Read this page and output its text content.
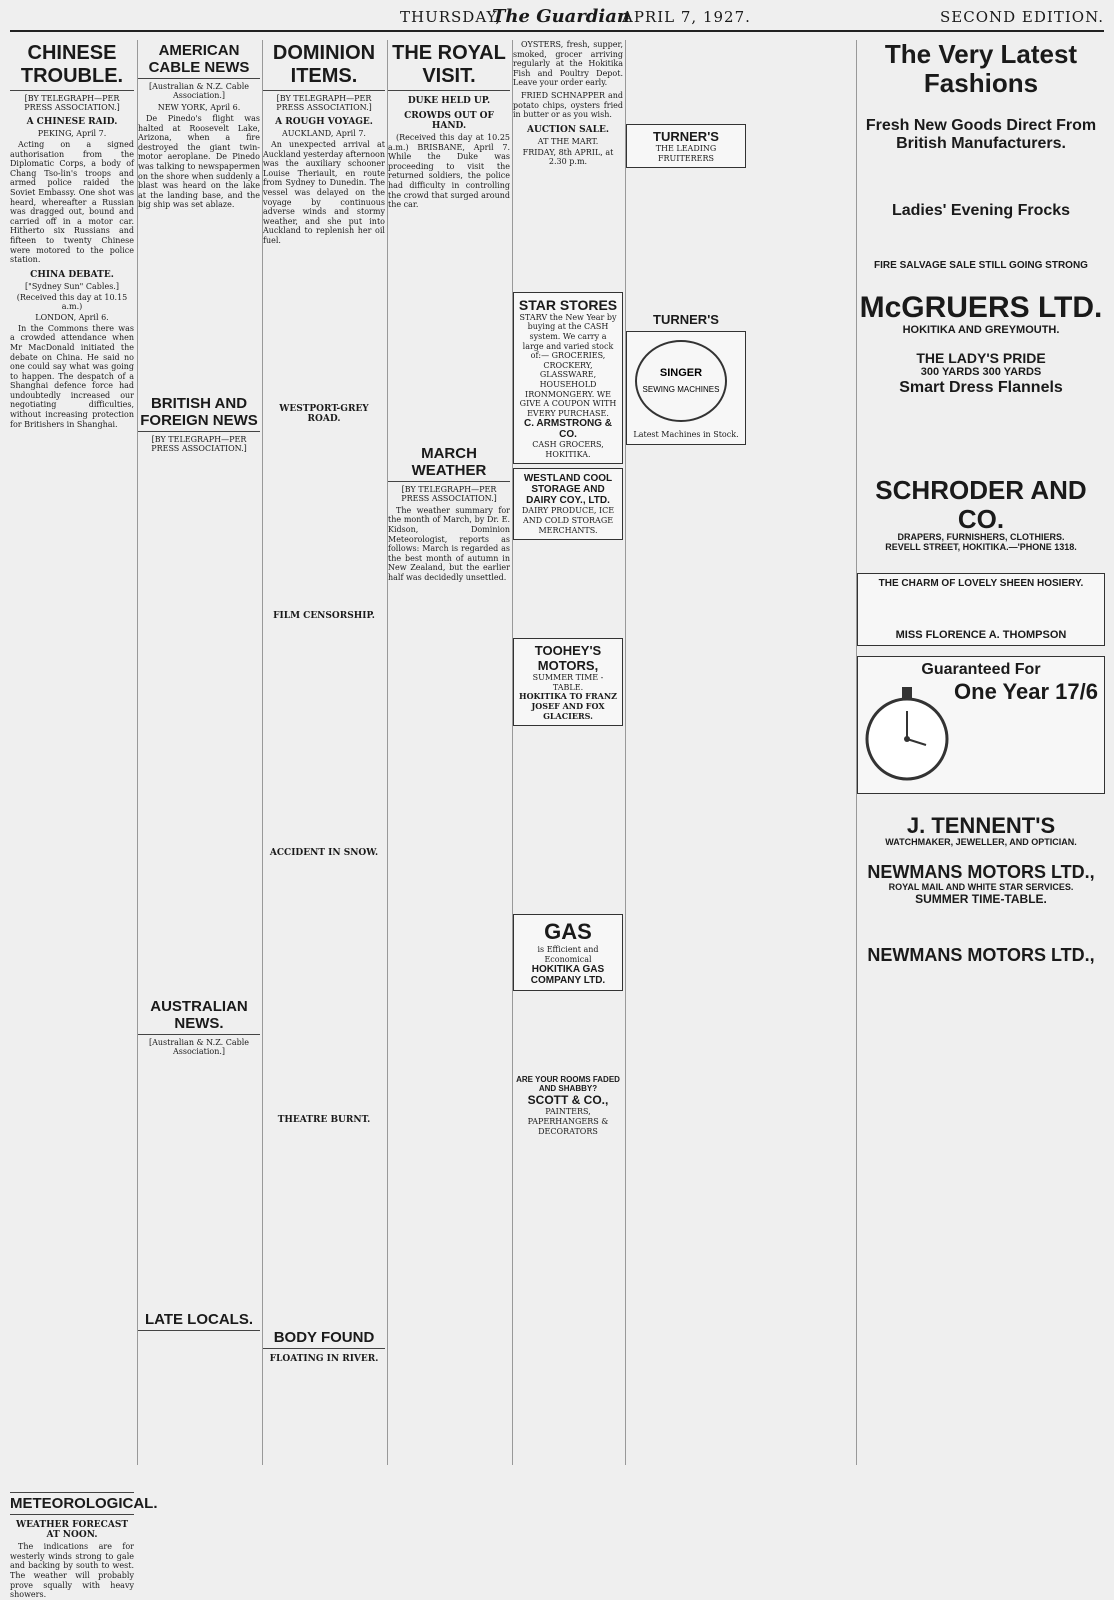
THURSDAY,
The Guardian
APRIL 7, 1927.	SECOND EDITION.
CHINESE TROUBLE.
[BY TELEGRAPH—PER PRESS ASSOCIATION.]
A CHINESE RAID.
PEKING, April 7.

Acting on a signed authorisation from the Diplomatic Corps, a body of Chang Tso-lin's troops and armed police raided the Soviet Embassy. One shot was heard, whereafter a Russian was dragged out, bound and carried off in a motor car. Hitherto six Russians and fifteen to twenty Chinese were motored to the police station.

CHINA DEBATE.
["Sydney Sun" Cables.]
(Received this day at 10.15 a.m.)
LONDON, April 6.

In the Commons there was a crowded attendance when Mr MacDonald initiated the debate on China. He said no one could say what was going to happen. The despatch of a Shanghai defence force had undoubtedly increased our negotiating difficulties, without increasing protection for Britishers in Shanghai.

METEOROLOGICAL.
WEATHER FORECAST AT NOON.

The indications are for westerly winds strong to gale and backing by south to west. The weather will probably prove squally with heavy showers.

AMERICAN CABLE NEWS
[Australian & N.Z. Cable Association.]
NEW YORK, April 6.

De Pinedo's flight was halted at Roosevelt Lake, Arizona, when a fire destroyed the giant twin-motor aeroplane. De Pinedo was talking to newspapermen on the shore when suddenly a blast was heard on the lake at the landing base, and the big ship was set ablaze.

BRITISH AND FOREIGN NEWS
[BY TELEGRAPH—PER PRESS ASSOCIATION.]
AUSTRALIAN NEWS.
[Australian & N.Z. Cable Association.]
LATE LOCALS.
DOMINION ITEMS.
[BY TELEGRAPH—PER PRESS ASSOCIATION.]
A ROUGH VOYAGE.
AUCKLAND, April 7.

An unexpected arrival at Auckland yesterday afternoon was the auxiliary schooner Louise Theriault, en route from Sydney to Dunedin. The vessel was delayed on the voyage by continuous adverse winds and stormy weather, and she put into Auckland to replenish her oil fuel.

WESTPORT-GREY ROAD.
FILM CENSORSHIP.
ACCIDENT IN SNOW.
THEATRE BURNT.
BODY FOUND
FLOATING IN RIVER.
THE ROYAL VISIT.
DUKE HELD UP.
CROWDS OUT OF HAND.

(Received this day at 10.25 a.m.) BRISBANE, April 7. While the Duke was proceeding to visit the returned soldiers, the police had difficulty in controlling the crowd that surged around the car.

MARCH WEATHER
[BY TELEGRAPH—PER PRESS ASSOCIATION.]

The weather summary for the month of March, by Dr. E. Kidson, Dominion Meteorologist, reports as follows: March is regarded as the best month of autumn in New Zealand, but the earlier half was decidedly unsettled.

OYSTERS, fresh, supper, smoked, grocer arriving regularly at the Hokitika Fish and Poultry Depot. Leave your order early.

FRIED SCHNAPPER and potato chips, oysters fried in butter or as you wish.

AUCTION SALE.
AT THE MART.
FRIDAY, 8th APRIL, at 2.30 p.m.
STAR STORES
STARV the New Year by buying at the CASH system. We carry a large and varied stock of:— GROCERIES, CROCKERY, GLASSWARE, HOUSEHOLD IRONMONGERY. WE GIVE A COUPON WITH EVERY PURCHASE.
C. ARMSTRONG & CO.
CASH GROCERS, HOKITIKA.
WESTLAND COOL STORAGE AND DAIRY COY., LTD.
DAIRY PRODUCE, ICE AND COLD STORAGE MERCHANTS.
TOOHEY'S MOTORS,
SUMMER TIME - TABLE.
HOKITIKA TO FRANZ JOSEF AND FOX GLACIERS.
GAS
is Efficient and Economical
HOKITIKA GAS COMPANY LTD.
ARE YOUR ROOMS FADED AND SHABBY?
SCOTT & CO.,
PAINTERS, PAPERHANGERS & DECORATORS
TURNER'S
THE LEADING FRUITERERS
TURNER'S
SINGER
SEWING MACHINES
Latest Machines in Stock.
The Very Latest Fashions
Fresh New Goods Direct From British Manufacturers.
Ladies' Evening Frocks
FIRE SALVAGE SALE STILL GOING STRONG
McGRUERS LTD.
HOKITIKA AND GREYMOUTH.
THE LADY'S PRIDE
300 YARDS 300 YARDS
Smart Dress Flannels
SCHRODER AND CO.
DRAPERS, FURNISHERS, CLOTHIERS.
REVELL STREET, HOKITIKA.—'PHONE 1318.
THE CHARM OF LOVELY SHEEN HOSIERY.
MISS FLORENCE A. THOMPSON
Guaranteed For
One Year 17/6
J. TENNENT'S
WATCHMAKER, JEWELLER, AND OPTICIAN.
NEWMANS MOTORS LTD.,
ROYAL MAIL AND WHITE STAR SERVICES.
SUMMER TIME-TABLE.
NEWMANS MOTORS LTD.,
